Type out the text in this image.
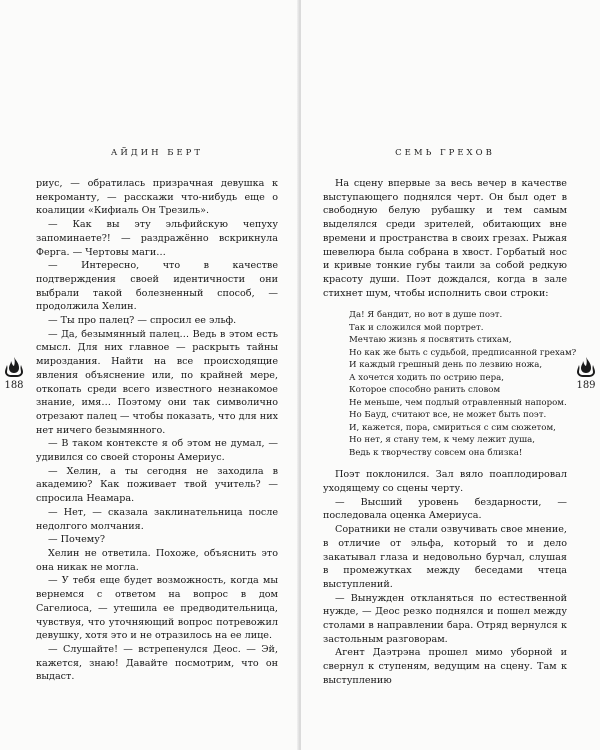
АЙДИН БЕРТ

риус, — обратилась призрачная девушка к некроманту, — расскажи что-нибудь еще о коалиции «Кифиаль Он Трезиль».

— Как вы эту эльфийскую чепуху запоминаете?! — раздражённо вскрикнула Ферга. — Чертовы маги…

— Интересно, что в качестве подтверждения своей идентичности они выбрали такой болезненный способ, — продолжила Хелин.

— Ты про палец? — спросил ее эльф.

— Да, безымянный палец… Ведь в этом есть смысл. Для них главное — раскрыть тайны мироздания. Найти на все происходящие явления объяснение или, по крайней мере, откопать среди всего известного незнакомое знание, имя… Поэтому они так символично отрезают палец — чтобы показать, что для них нет ничего безымянного.

— В таком контексте я об этом не думал, — удивился со своей стороны Америус.

— Хелин, а ты сегодня не заходила в академию? Как поживает твой учитель? — спросила Неамара.

— Нет, — сказала заклинательница после недолгого молчания.

— Почему?

Хелин не ответила. Похоже, объяснить это она никак не могла.

— У тебя еще будет возможность, когда мы вернемся с ответом на вопрос в дом Сагелиоса, — утешила ее предводительница, чувствуя, что уточняющий вопрос потревожил девушку, хотя это и не отразилось на ее лице.

— Слушайте! — встрепенулся Деос. — Эй, кажется, знаю! Давайте посмотрим, что он выдаст.

188
СЕМЬ ГРЕХОВ

На сцену впервые за весь вечер в качестве выступающего поднялся черт. Он был одет в свободную белую рубашку и тем самым выделялся среди зрителей, обитающих вне времени и пространства в своих грезах. Рыжая шевелюра была собрана в хвост. Горбатый нос и кривые тонкие губы таили за собой редкую красоту души. Поэт дождался, когда в зале стихнет шум, чтобы исполнить свои строки:

Да! Я бандит, но вот в душе поэт.
Так и сложился мой портрет.
Мечтаю жизнь я посвятить стихам,
Но как же быть с судьбой, предписанной грехам?
И каждый грешный день по лезвию ножа,
А хочется ходить по острию пера,
Которое способно ранить словом
Не меньше, чем подлый отравленный напором.
Но Бауд, считают все, не может быть поэт.
И, кажется, пора, смириться с сим сюжетом,
Но нет, я стану тем, к чему лежит душа,
Ведь к творчеству совсем она близка!

Поэт поклонился. Зал вяло поаплодировал уходящему со сцены черту.

— Высший уровень бездарности, — последовала оценка Америуса.

Соратники не стали озвучивать свое мнение, в отличие от эльфа, который то и дело закатывал глаза и недовольно бурчал, слушая в промежутках между беседами чтеца выступлений.

— Вынужден откланяться по естественной нужде, — Деос резко поднялся и пошел между столами в направлении бара. Отряд вернулся к застольным разговорам.

Агент Даэтрэна прошел мимо уборной и свернул к ступеням, ведущим на сцену. Там к выступлению

189
